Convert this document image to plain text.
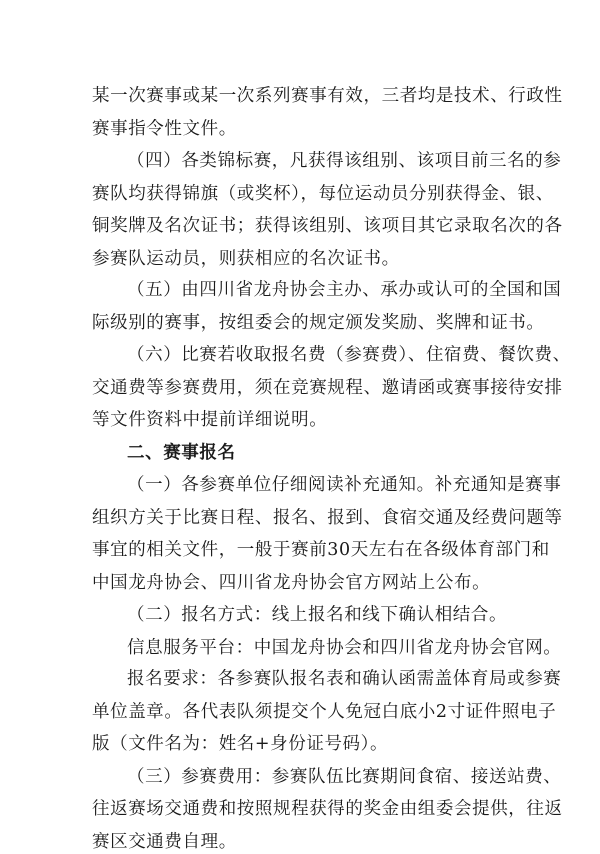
某一次赛事或某一次系列赛事有效，三者均是技术、行政性
赛事指令性文件。
（四）各类锦标赛，凡获得该组别、该项目前三名的参
赛队均获得锦旗（或奖杯），每位运动员分别获得金、银、
铜奖牌及名次证书；获得该组别、该项目其它录取名次的各
参赛队运动员，则获相应的名次证书。
（五）由四川省龙舟协会主办、承办或认可的全国和国
际级别的赛事，按组委会的规定颁发奖励、奖牌和证书。
（六）比赛若收取报名费（参赛费）、住宿费、餐饮费、
交通费等参赛费用，须在竞赛规程、邀请函或赛事接待安排
等文件资料中提前详细说明。
二、赛事报名
（一）各参赛单位仔细阅读补充通知。补充通知是赛事
组织方关于比赛日程、报名、报到、食宿交通及经费问题等
事宜的相关文件，一般于赛前30天左右在各级体育部门和
中国龙舟协会、四川省龙舟协会官方网站上公布。
（二）报名方式：线上报名和线下确认相结合。
信息服务平台：中国龙舟协会和四川省龙舟协会官网。
报名要求：各参赛队报名表和确认函需盖体育局或参赛
单位盖章。各代表队须提交个人免冠白底小2寸证件照电子
版（文件名为：姓名+身份证号码）。
（三）参赛费用：参赛队伍比赛期间食宿、接送站费、
往返赛场交通费和按照规程获得的奖金由组委会提供，往返
赛区交通费自理。
